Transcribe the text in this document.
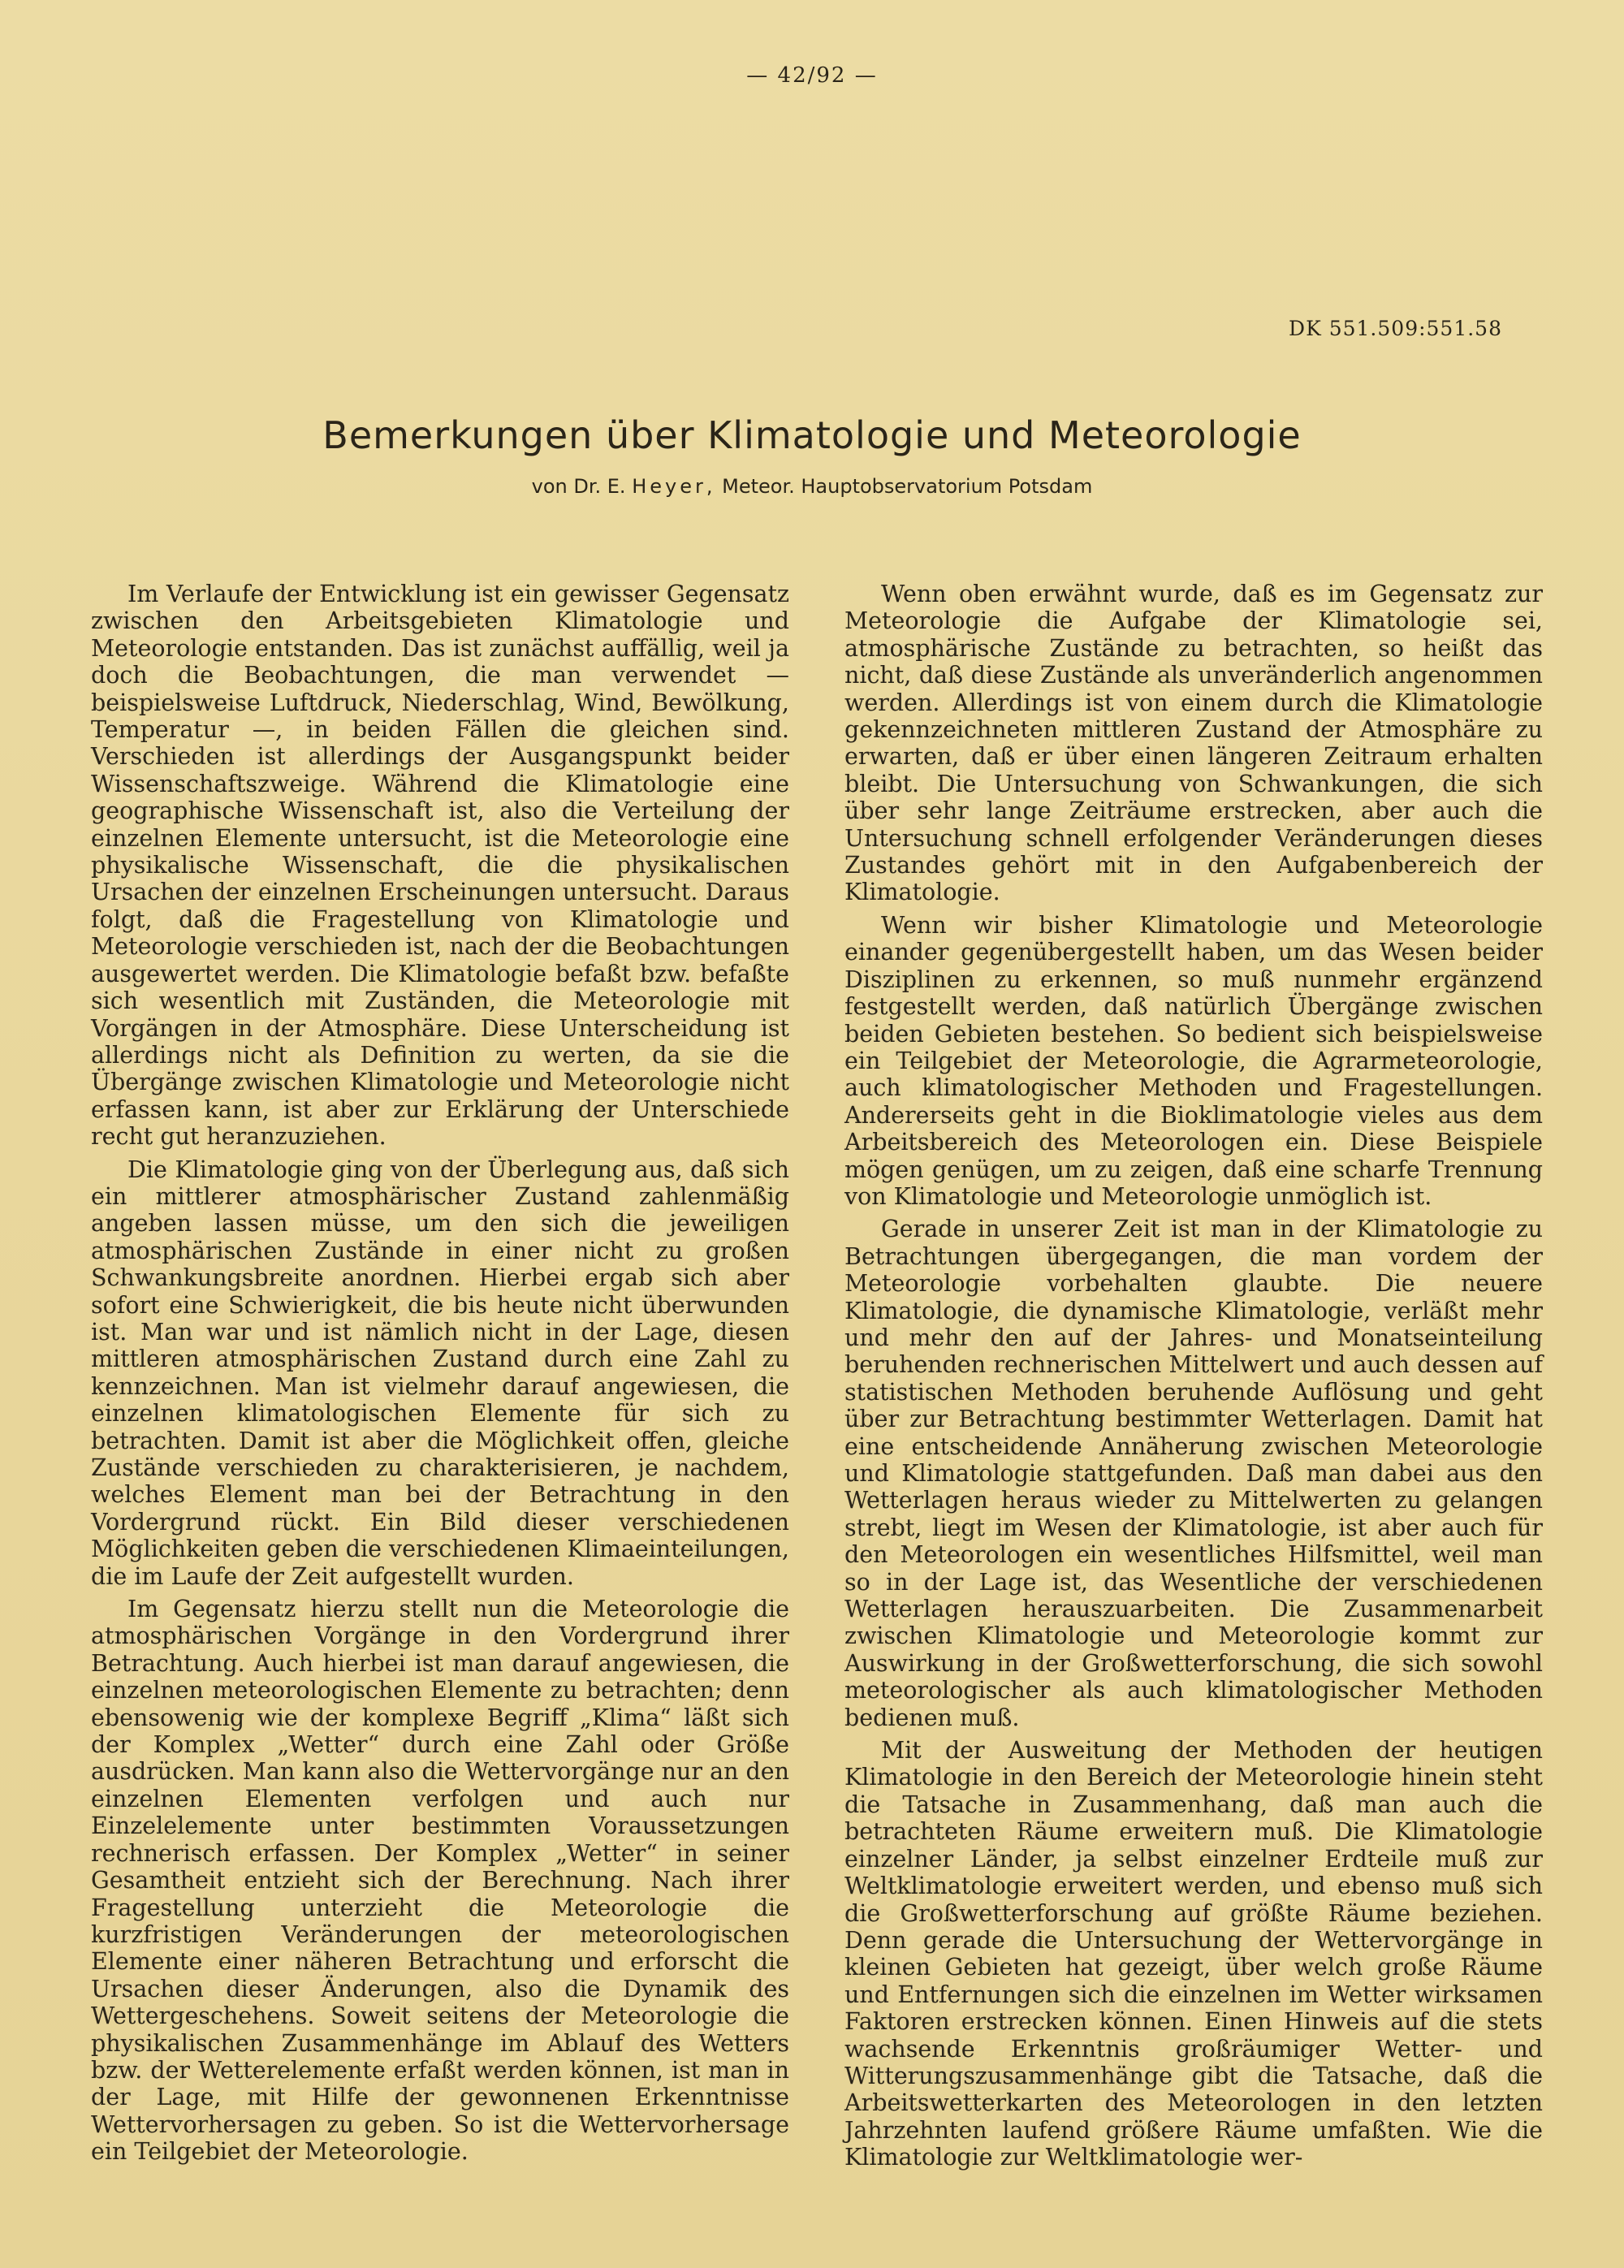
— 42/92 —
DK 551.509:551.58
Bemerkungen über Klimatologie und Meteorologie
von Dr. E. Heyer, Meteor. Hauptobservatorium Potsdam

Im Verlaufe der Entwicklung ist ein gewisser Gegensatz zwischen den Arbeitsgebieten Klimatologie und Meteorologie entstanden. Das ist zunächst auffällig, weil ja doch die Beobachtungen, die man verwendet — beispielsweise Luftdruck, Niederschlag, Wind, Bewölkung, Temperatur —, in beiden Fällen die gleichen sind. Verschieden ist allerdings der Ausgangspunkt beider Wissenschaftszweige. Während die Klimatologie eine geographische Wissenschaft ist, also die Verteilung der einzelnen Elemente untersucht, ist die Meteorologie eine physikalische Wissenschaft, die die physikalischen Ursachen der einzelnen Erscheinungen untersucht. Daraus folgt, daß die Fragestellung von Klimatologie und Meteorologie verschieden ist, nach der die Beobachtungen ausgewertet werden. Die Klimatologie befaßt bzw. befaßte sich wesentlich mit Zuständen, die Meteorologie mit Vorgängen in der Atmosphäre. Diese Unterscheidung ist allerdings nicht als Definition zu werten, da sie die Übergänge zwischen Klimatologie und Meteorologie nicht erfassen kann, ist aber zur Erklärung der Unterschiede recht gut heranzuziehen.

Die Klimatologie ging von der Überlegung aus, daß sich ein mittlerer atmosphärischer Zustand zahlenmäßig angeben lassen müsse, um den sich die jeweiligen atmosphärischen Zustände in einer nicht zu großen Schwankungsbreite anordnen. Hierbei ergab sich aber sofort eine Schwierigkeit, die bis heute nicht überwunden ist. Man war und ist nämlich nicht in der Lage, diesen mittleren atmosphärischen Zustand durch eine Zahl zu kennzeichnen. Man ist vielmehr darauf angewiesen, die einzelnen klimatologischen Elemente für sich zu betrachten. Damit ist aber die Möglichkeit offen, gleiche Zustände verschieden zu charakterisieren, je nachdem, welches Element man bei der Betrachtung in den Vordergrund rückt. Ein Bild dieser verschiedenen Möglichkeiten geben die verschiedenen Klimaeinteilungen, die im Laufe der Zeit aufgestellt wurden.

Im Gegensatz hierzu stellt nun die Meteorologie die atmosphärischen Vorgänge in den Vordergrund ihrer Betrachtung. Auch hierbei ist man darauf angewiesen, die einzelnen meteorologischen Elemente zu betrachten; denn ebensowenig wie der komplexe Begriff „Klima“ läßt sich der Komplex „Wetter“ durch eine Zahl oder Größe ausdrücken. Man kann also die Wettervorgänge nur an den einzelnen Elementen verfolgen und auch nur Einzelelemente unter bestimmten Voraussetzungen rechnerisch erfassen. Der Komplex „Wetter“ in seiner Gesamtheit entzieht sich der Berechnung. Nach ihrer Fragestellung unterzieht die Meteorologie die kurzfristigen Veränderungen der meteorologischen Elemente einer näheren Betrachtung und erforscht die Ursachen dieser Änderungen, also die Dynamik des Wettergeschehens. Soweit seitens der Meteorologie die physikalischen Zusammenhänge im Ablauf des Wetters bzw. der Wetterelemente erfaßt werden können, ist man in der Lage, mit Hilfe der gewonnenen Erkenntnisse Wettervorhersagen zu geben. So ist die Wettervorhersage ein Teilgebiet der Meteorologie.

Wenn oben erwähnt wurde, daß es im Gegensatz zur Meteorologie die Aufgabe der Klimatologie sei, atmosphärische Zustände zu betrachten, so heißt das nicht, daß diese Zustände als unveränderlich angenommen werden. Allerdings ist von einem durch die Klimatologie gekennzeichneten mittleren Zustand der Atmosphäre zu erwarten, daß er über einen längeren Zeitraum erhalten bleibt. Die Untersuchung von Schwankungen, die sich über sehr lange Zeiträume erstrecken, aber auch die Untersuchung schnell erfolgender Veränderungen dieses Zustandes gehört mit in den Aufgabenbereich der Klimatologie.

Wenn wir bisher Klimatologie und Meteorologie einander gegenübergestellt haben, um das Wesen beider Disziplinen zu erkennen, so muß nunmehr ergänzend festgestellt werden, daß natürlich Übergänge zwischen beiden Gebieten bestehen. So bedient sich beispielsweise ein Teilgebiet der Meteorologie, die Agrarmeteorologie, auch klimatologischer Methoden und Fragestellungen. Andererseits geht in die Bioklimatologie vieles aus dem Arbeitsbereich des Meteorologen ein. Diese Beispiele mögen genügen, um zu zeigen, daß eine scharfe Trennung von Klimatologie und Meteorologie unmöglich ist.

Gerade in unserer Zeit ist man in der Klimatologie zu Betrachtungen übergegangen, die man vordem der Meteorologie vorbehalten glaubte. Die neuere Klimatologie, die dynamische Klimatologie, verläßt mehr und mehr den auf der Jahres- und Monatseinteilung beruhenden rechnerischen Mittelwert und auch dessen auf statistischen Methoden beruhende Auflösung und geht über zur Betrachtung bestimmter Wetterlagen. Damit hat eine entscheidende Annäherung zwischen Meteorologie und Klimatologie stattgefunden. Daß man dabei aus den Wetterlagen heraus wieder zu Mittelwerten zu gelangen strebt, liegt im Wesen der Klimatologie, ist aber auch für den Meteorologen ein wesentliches Hilfsmittel, weil man so in der Lage ist, das Wesentliche der verschiedenen Wetterlagen herauszuarbeiten. Die Zusammenarbeit zwischen Klimatologie und Meteorologie kommt zur Auswirkung in der Großwetterforschung, die sich sowohl meteorologischer als auch klimatologischer Methoden bedienen muß.

Mit der Ausweitung der Methoden der heutigen Klimatologie in den Bereich der Meteorologie hinein steht die Tatsache in Zusammenhang, daß man auch die betrachteten Räume erweitern muß. Die Klimatologie einzelner Länder, ja selbst einzelner Erdteile muß zur Weltklimatologie erweitert werden, und ebenso muß sich die Großwetterforschung auf größte Räume beziehen. Denn gerade die Untersuchung der Wettervorgänge in kleinen Gebieten hat gezeigt, über welch große Räume und Entfernungen sich die einzelnen im Wetter wirksamen Faktoren erstrecken können. Einen Hinweis auf die stets wachsende Erkenntnis großräumiger Wetter- und Witterungszusammenhänge gibt die Tatsache, daß die Arbeitswetterkarten des Meteorologen in den letzten Jahrzehnten laufend größere Räume umfaßten. Wie die Klimatologie zur Weltklimatologie wer-
